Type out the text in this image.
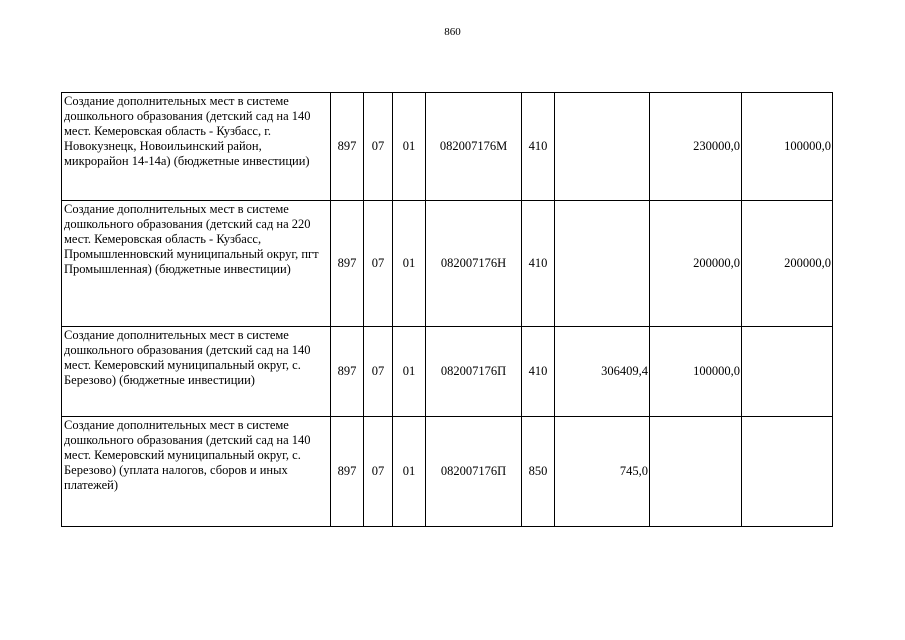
860
Создание дополнительных мест в системе дошкольного образования (детский сад на 140 мест. Кемеровская область - Кузбасс, г. Новокузнецк, Новоильинский район, микрорайон 14-14а) (бюджетные инвестиции)	897	07	01	082007176М	410		230000,0	100000,0
Создание дополнительных мест в системе дошкольного образования (детский сад на 220 мест. Кемеровская область - Кузбасс, Промышленновский муниципальный округ, пгт Промышленная) (бюджетные инвестиции)	897	07	01	082007176Н	410		200000,0	200000,0
Создание дополнительных мест в системе дошкольного образования (детский сад на 140 мест. Кемеровский муниципальный округ, с. Березово) (бюджетные инвестиции)	897	07	01	082007176П	410	306409,4	100000,0	
Создание дополнительных мест в системе дошкольного образования (детский сад на 140 мест. Кемеровский муниципальный округ, с. Березово) (уплата налогов, сборов и иных платежей)	897	07	01	082007176П	850	745,0		
